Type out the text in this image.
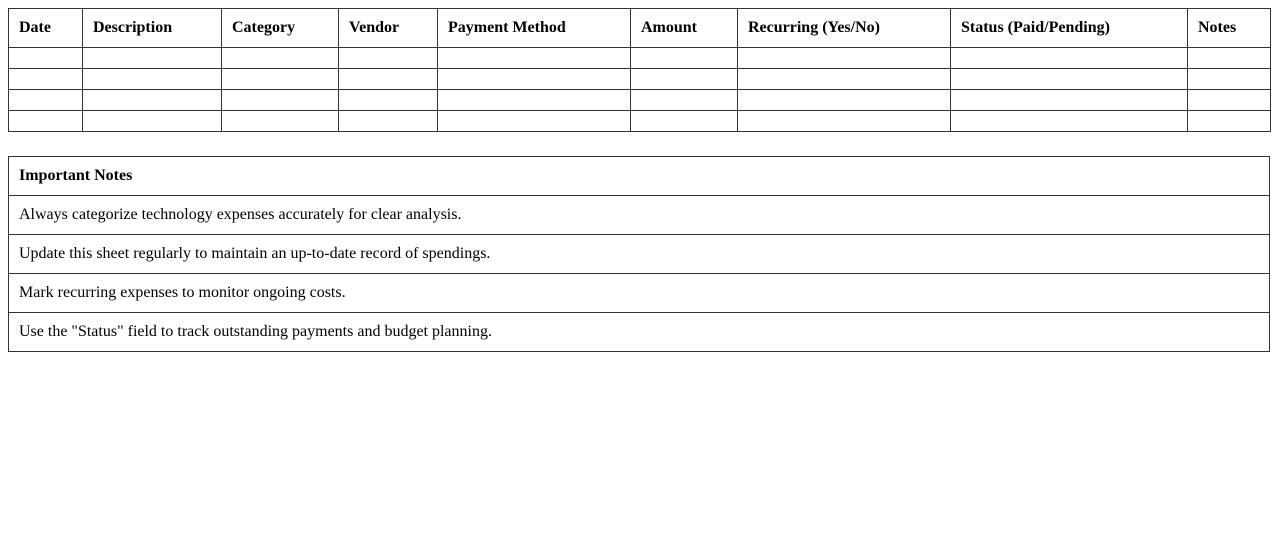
Date	Description	Category	Vendor	Payment Method	Amount	Recurring (Yes/No)	Status (Paid/Pending)	Notes

Important Notes
Always categorize technology expenses accurately for clear analysis.
Update this sheet regularly to maintain an up-to-date record of spendings.
Mark recurring expenses to monitor ongoing costs.
Use the "Status" field to track outstanding payments and budget planning.
